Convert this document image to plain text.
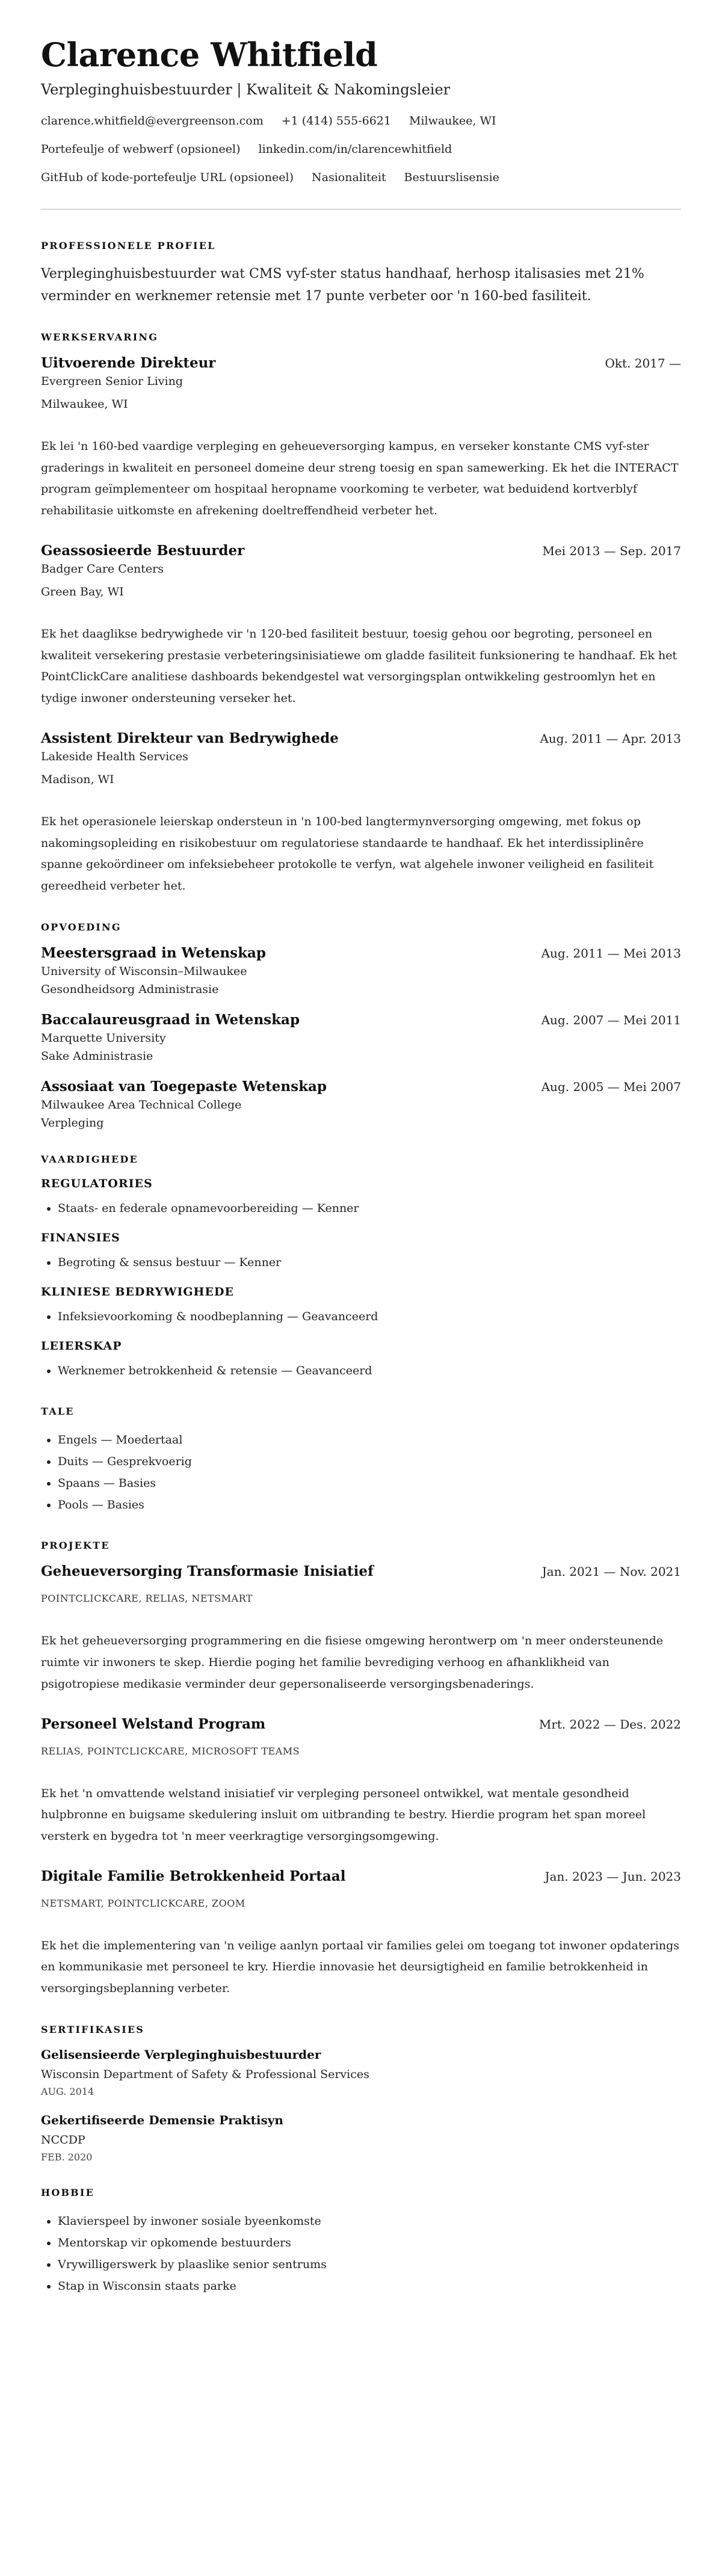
Clarence Whitfield
Verpleginghuisbestuurder | Kwaliteit & Nakomingsleier
clarence.whitfield@evergreenson.com +1 (414) 555-6621 Milwaukee, WI
Portefeulje of webwerf (opsioneel) linkedin.com/in/clarencewhitfield
GitHub of kode-portefeulje URL (opsioneel) Nasionaliteit Bestuurslisensie
PROFESSIONELE PROFIEL

Verpleginghuisbestuurder wat CMS vyf-ster status handhaaf, herhosp italisasies met 21% verminder en werknemer retensie met 17 punte verbeter oor 'n 160-bed fasiliteit.

WERKSERVARING
Uitvoerende Direkteur	Okt. 2017 —
Evergreen Senior Living
Milwaukee, WI
Ek lei 'n 160-bed vaardige verpleging en geheueversorging kampus, en verseker konstante CMS vyf-ster graderings in kwaliteit en personeel domeine deur streng toesig en span samewerking. Ek het die INTERACT program geïmplementeer om hospitaal heropname voorkoming te verbeter, wat beduidend kortverblyf rehabilitasie uitkomste en afrekening doeltreffendheid verbeter het.
Geassosieerde Bestuurder	Mei 2013 — Sep. 2017
Badger Care Centers
Green Bay, WI
Ek het daaglikse bedrywighede vir 'n 120-bed fasiliteit bestuur, toesig gehou oor begroting, personeel en kwaliteit versekering prestasie verbeteringsinisiatiewe om gladde fasiliteit funksionering te handhaaf. Ek het PointClickCare analitiese dashboards bekendgestel wat versorgingsplan ontwikkeling gestroomlyn het en tydige inwoner ondersteuning verseker het.
Assistent Direkteur van Bedrywighede	Aug. 2011 — Apr. 2013
Lakeside Health Services
Madison, WI
Ek het operasionele leierskap ondersteun in 'n 100-bed langtermynversorging omgewing, met fokus op nakomingsopleiding en risikobestuur om regulatoriese standaarde te handhaaf. Ek het interdissiplinêre spanne gekoördineer om infeksiebeheer protokolle te verfyn, wat algehele inwoner veiligheid en fasiliteit gereedheid verbeter het.
OPVOEDING
Meestersgraad in Wetenskap	Aug. 2011 — Mei 2013
University of Wisconsin–Milwaukee
Gesondheidsorg Administrasie
Baccalaureusgraad in Wetenskap	Aug. 2007 — Mei 2011
Marquette University
Sake Administrasie
Assosiaat van Toegepaste Wetenskap	Aug. 2005 — Mei 2007
Milwaukee Area Technical College
Verpleging
VAARDIGHEDE
REGULATORIES
• Staats- en federale opnamevoorbereiding — Kenner
FINANSIES
• Begroting & sensus bestuur — Kenner
KLINIESE BEDRYWIGHEDE
• Infeksievoorkoming & noodbeplanning — Geavanceerd
LEIERSKAP
• Werknemer betrokkenheid & retensie — Geavanceerd
TALE
• Engels — Moedertaal
• Duits — Gesprekvoerig
• Spaans — Basies
• Pools — Basies
PROJEKTE
Geheueversorging Transformasie Inisiatief	Jan. 2021 — Nov. 2021
POINTCLICKCARE, RELIAS, NETSMART
Ek het geheueversorging programmering en die fisiese omgewing herontwerp om 'n meer ondersteunende ruimte vir inwoners te skep. Hierdie poging het familie bevrediging verhoog en afhanklikheid van psigotropiese medikasie verminder deur gepersonaliseerde versorgingsbenaderings.
Personeel Welstand Program	Mrt. 2022 — Des. 2022
RELIAS, POINTCLICKCARE, MICROSOFT TEAMS
Ek het 'n omvattende welstand inisiatief vir verpleging personeel ontwikkel, wat mentale gesondheid hulpbronne en buigsame skedulering insluit om uitbranding te bestry. Hierdie program het span moreel versterk en bygedra tot 'n meer veerkragtige versorgingsomgewing.
Digitale Familie Betrokkenheid Portaal	Jan. 2023 — Jun. 2023
NETSMART, POINTCLICKCARE, ZOOM
Ek het die implementering van 'n veilige aanlyn portaal vir families gelei om toegang tot inwoner opdaterings en kommunikasie met personeel te kry. Hierdie innovasie het deursigtigheid en familie betrokkenheid in versorgingsbeplanning verbeter.
SERTIFIKASIES
Gelisensieerde Verpleginghuisbestuurder
Wisconsin Department of Safety & Professional Services
AUG. 2014
Gekertifiseerde Demensie Praktisyn
NCCDP
FEB. 2020
HOBBIE
• Klavierspeel by inwoner sosiale byeenkomste
• Mentorskap vir opkomende bestuurders
• Vrywilligerswerk by plaaslike senior sentrums
• Stap in Wisconsin staats parke
